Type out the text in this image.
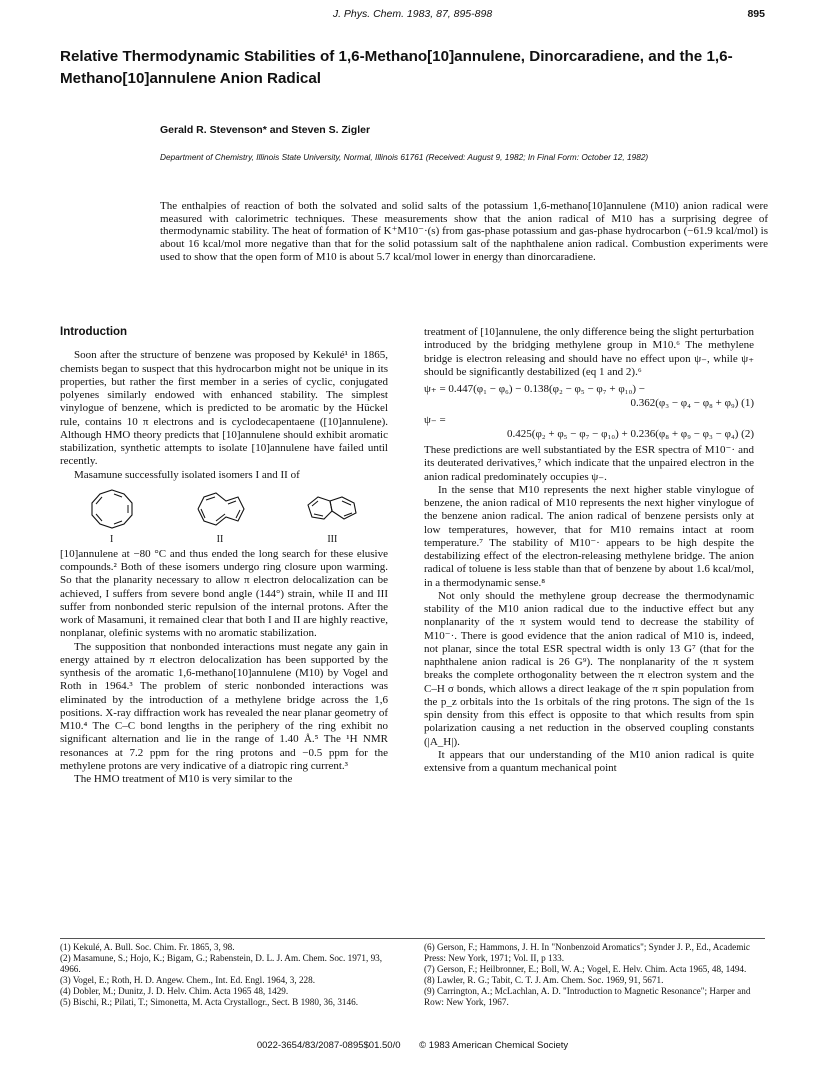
J. Phys. Chem. 1983, 87, 895-898	895
Relative Thermodynamic Stabilities of 1,6-Methano[10]annulene, Dinorcaradiene, and the 1,6-Methano[10]annulene Anion Radical
Gerald R. Stevenson* and Steven S. Zigler
Department of Chemistry, Illinois State University, Normal, Illinois 61761 (Received: August 9, 1982; In Final Form: October 12, 1982)
The enthalpies of reaction of both the solvated and solid salts of the potassium 1,6-methano[10]annulene (M10) anion radical were measured with calorimetric techniques. These measurements show that the anion radical of M10 has a surprising degree of thermodynamic stability. The heat of formation of K⁺M10⁻·(s) from gas-phase potassium and gas-phase hydrocarbon (−61.9 kcal/mol) is about 16 kcal/mol more negative than that for the solid potassium salt of the naphthalene anion radical. Combustion experiments were used to show that the open form of M10 is about 5.7 kcal/mol lower in energy than dinorcaradiene.
Introduction

Soon after the structure of benzene was proposed by Kekulé¹ in 1865, chemists began to suspect that this hydrocarbon might not be unique in its properties, but rather the first member in a series of cyclic, conjugated polyenes similarly endowed with enhanced stability. The simplest vinylogue of benzene, which is predicted to be aromatic by the Hückel rule, contains 10 π electrons and is cyclodecapentaene ([10]annulene). Although HMO theory predicts that [10]annulene should exhibit aromatic stabilization, synthetic attempts to isolate [10]annulene have failed until recently.

Masamune successfully isolated isomers I and II of

I	II	III

[10]annulene at −80 °C and thus ended the long search for these elusive compounds.² Both of these isomers undergo ring closure upon warming. So that the planarity necessary to allow π electron delocalization can be achieved, I suffers from severe bond angle (144°) strain, while II and III suffer from nonbonded steric repulsion of the internal protons. After the work of Masamuni, it remained clear that both I and II are highly reactive, nonplanar, olefinic systems with no aromatic stabilization.

The supposition that nonbonded interactions must negate any gain in energy attained by π electron delocalization has been supported by the synthesis of the aromatic 1,6-methano[10]annulene (M10) by Vogel and Roth in 1964.³ The problem of steric nonbonded interactions was eliminated by the introduction of a methylene bridge across the 1,6 positions. X-ray diffraction work has revealed the near planar geometry of M10.⁴ The C–C bond lengths in the periphery of the ring exhibit no significant alternation and lie in the range of 1.40 Å.⁵ The ¹H NMR resonances at 7.2 ppm for the ring protons and −0.5 ppm for the methylene protons are very indicative of a diatropic ring current.³

The HMO treatment of M10 is very similar to the

treatment of [10]annulene, the only difference being the slight perturbation introduced by the bridging methylene group in M10.⁶ The methylene bridge is electron releasing and should have no effect upon ψ₋, while ψ₊ should be significantly destabilized (eq 1 and 2).⁶

ψ₊ = 0.447(φ₁ − φ₆) − 0.138(φ₂ − φ₅ − φ₇ + φ₁₀) −
0.362(φ₃ − φ₄ − φ₈ + φ₉) (1)
ψ₋ =
0.425(φ₂ + φ₅ − φ₇ − φ₁₀) + 0.236(φ₈ + φ₉ − φ₃ − φ₄) (2)

These predictions are well substantiated by the ESR spectra of M10⁻· and its deuterated derivatives,⁷ which indicate that the unpaired electron in the anion radical predominately occupies ψ₋.

In the sense that M10 represents the next higher stable vinylogue of benzene, the anion radical of M10 represents the next higher vinylogue of the benzene anion radical. The anion radical of benzene persists only at low temperatures, however, that for M10 remains intact at room temperature.⁷ The stability of M10⁻· appears to be high despite the destabilizing effect of the electron-releasing methylene bridge. The anion radical of toluene is less stable than that of benzene by about 1.6 kcal/mol, in a thermodynamic sense.⁸

Not only should the methylene group decrease the thermodynamic stability of the M10 anion radical due to the inductive effect but any nonplanarity of the π system would tend to decrease the stability of M10⁻·. There is good evidence that the anion radical of M10 is, indeed, not planar, since the total ESR spectral width is only 13 G⁷ (that for the naphthalene anion radical is 26 G⁹). The nonplanarity of the π system breaks the complete orthogonality between the π electron system and the C–H σ bonds, which allows a direct leakage of the π spin population from the p_z orbitals into the 1s orbitals of the ring protons. The sign of the 1s spin density from this effect is opposite to that which results from spin polarization causing a net reduction in the observed coupling constants (|A_H|).

It appears that our understanding of the M10 anion radical is quite extensive from a quantum mechanical point

(1) Kekulé, A. Bull. Soc. Chim. Fr. 1865, 3, 98.
(2) Masamune, S.; Hojo, K.; Bigam, G.; Rabenstein, D. L. J. Am. Chem. Soc. 1971, 93, 4966.
(3) Vogel, E.; Roth, H. D. Angew. Chem., Int. Ed. Engl. 1964, 3, 228.
(4) Dobler, M.; Dunitz, J. D. Helv. Chim. Acta 1965 48, 1429.
(5) Bischi, R.; Pilati, T.; Simonetta, M. Acta Crystallogr., Sect. B 1980, 36, 3146.
(6) Gerson, F.; Hammons, J. H. In "Nonbenzoid Aromatics"; Synder J. P., Ed., Academic Press: New York, 1971; Vol. II, p 133.
(7) Gerson, F.; Heilbronner, E.; Boll, W. A.; Vogel, E. Helv. Chim. Acta 1965, 48, 1494.
(8) Lawler, R. G.; Tabit, C. T. J. Am. Chem. Soc. 1969, 91, 5671.
(9) Carrington, A.; McLachlan, A. D. "Introduction to Magnetic Resonance"; Harper and Row: New York, 1967.
0022-3654/83/2087-0895$01.50/0 © 1983 American Chemical Society
